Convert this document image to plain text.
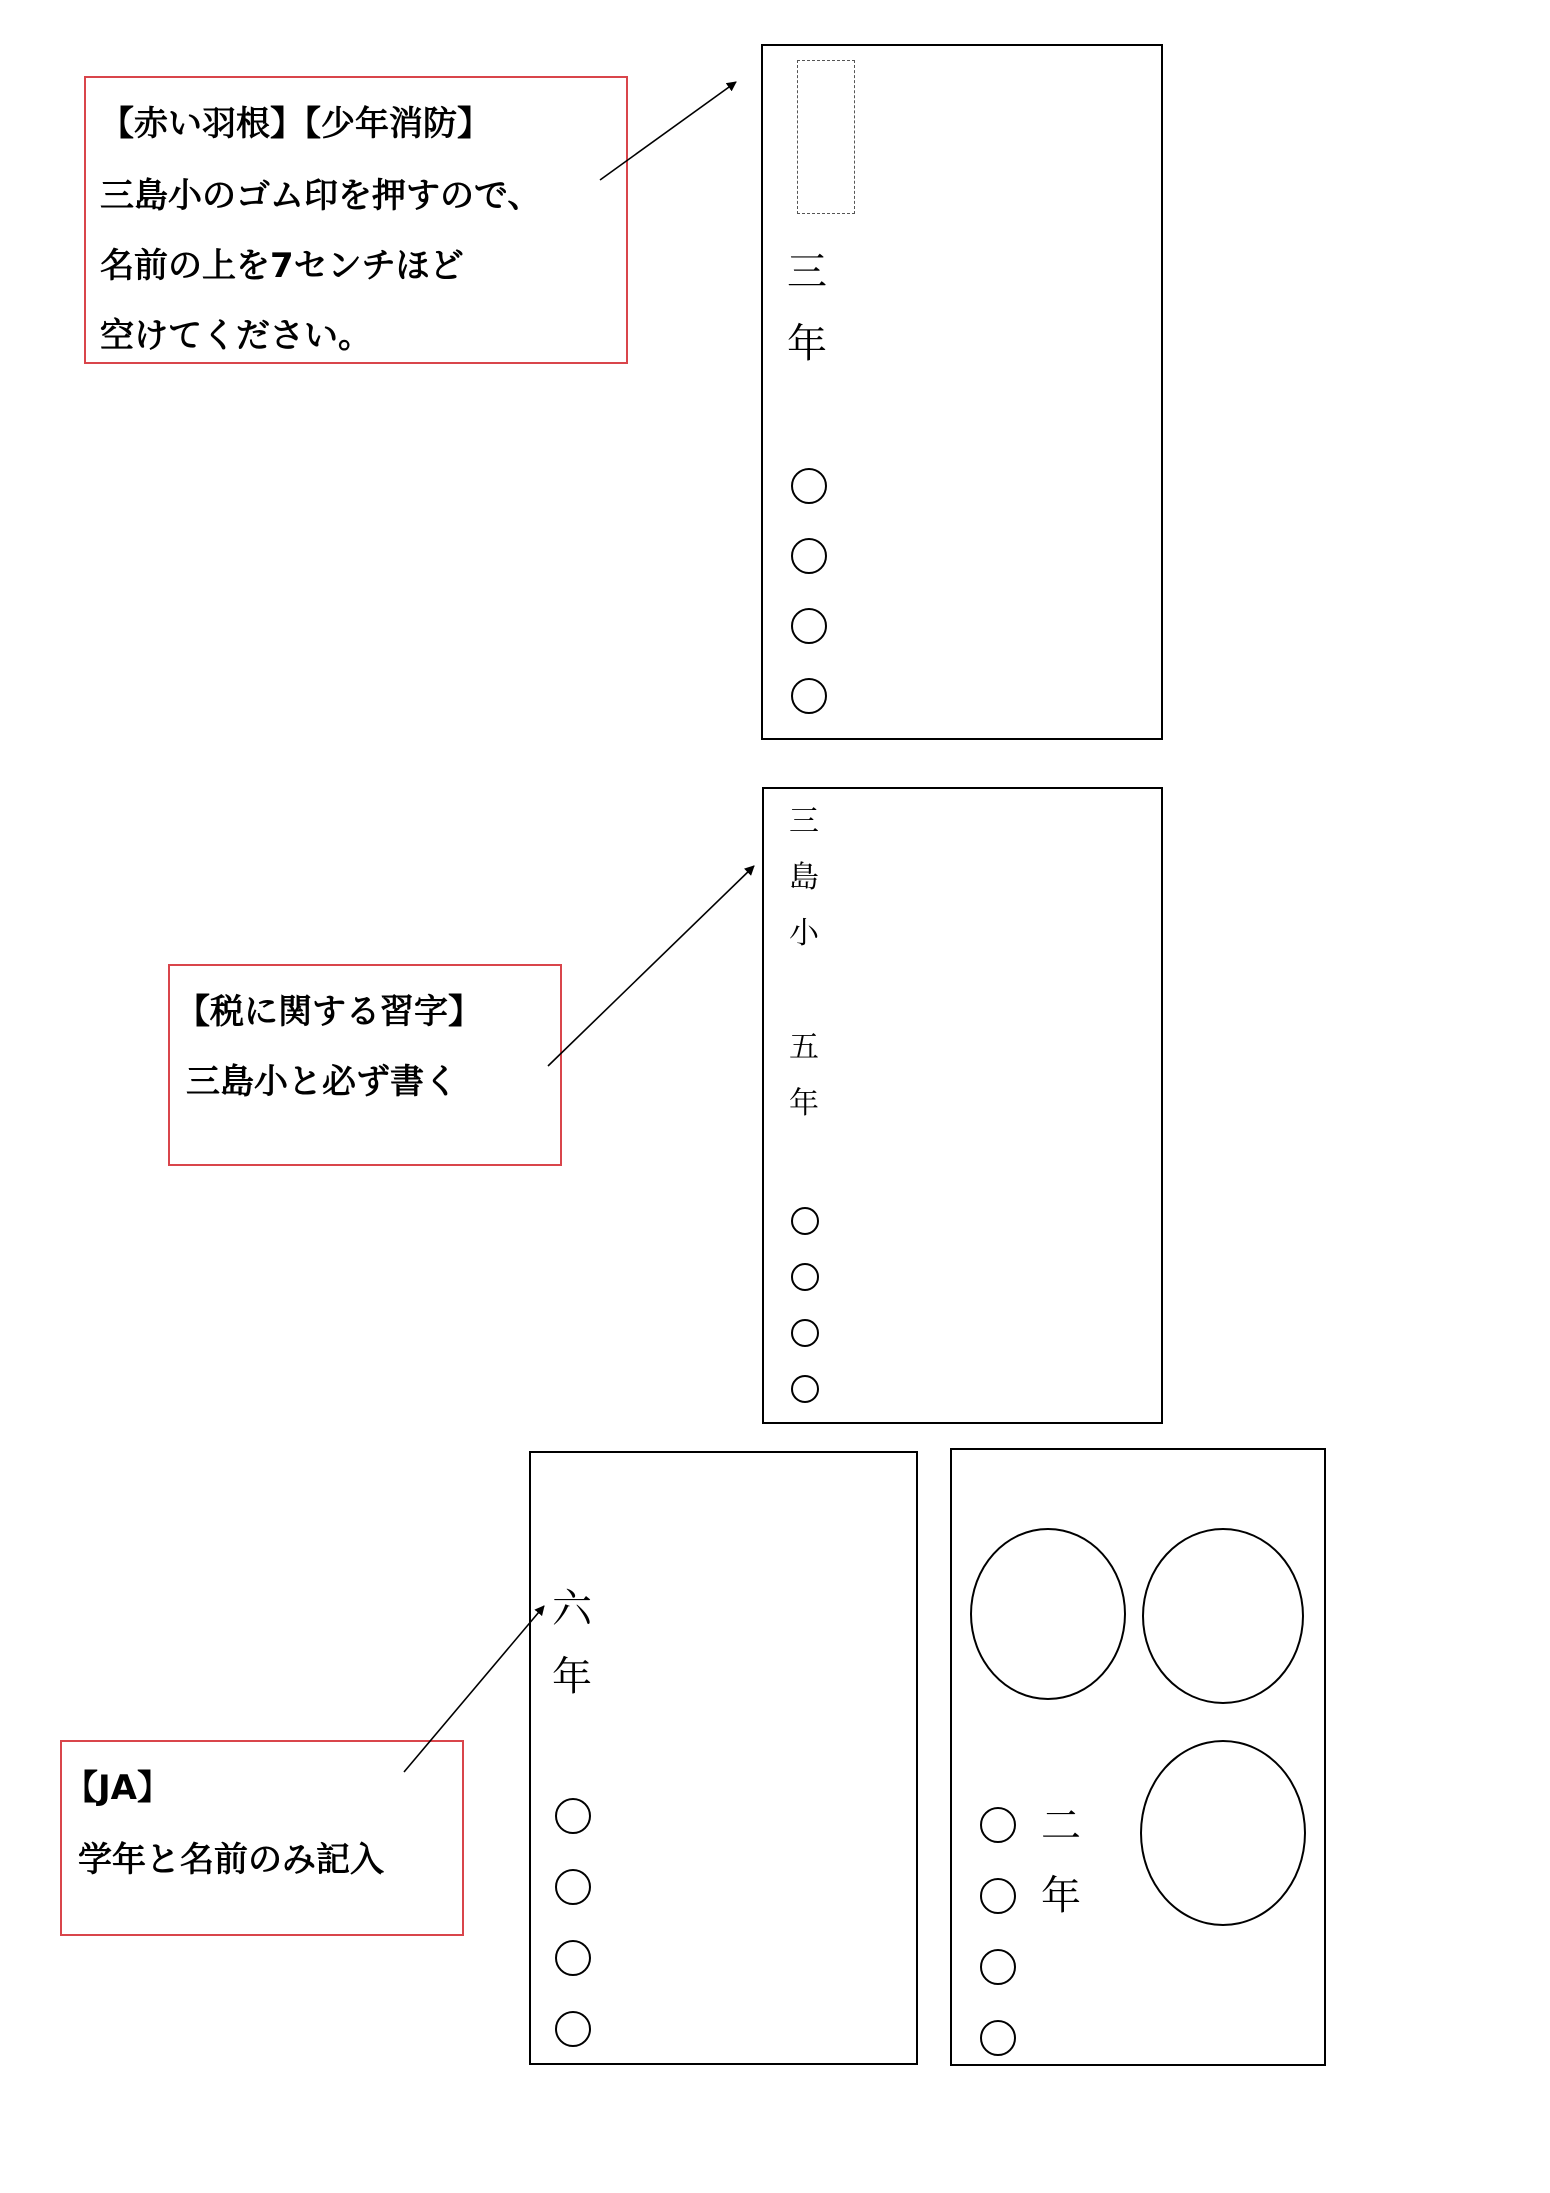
【赤い羽根】【少年消防】
三島小のゴム印を押すので、
名前の上を7センチほど
空けてください。
三
年
【税に関する習字】
三島小と必ず書く
三
島
小
五
年
六
年
二
年
【JA】
学年と名前のみ記入
